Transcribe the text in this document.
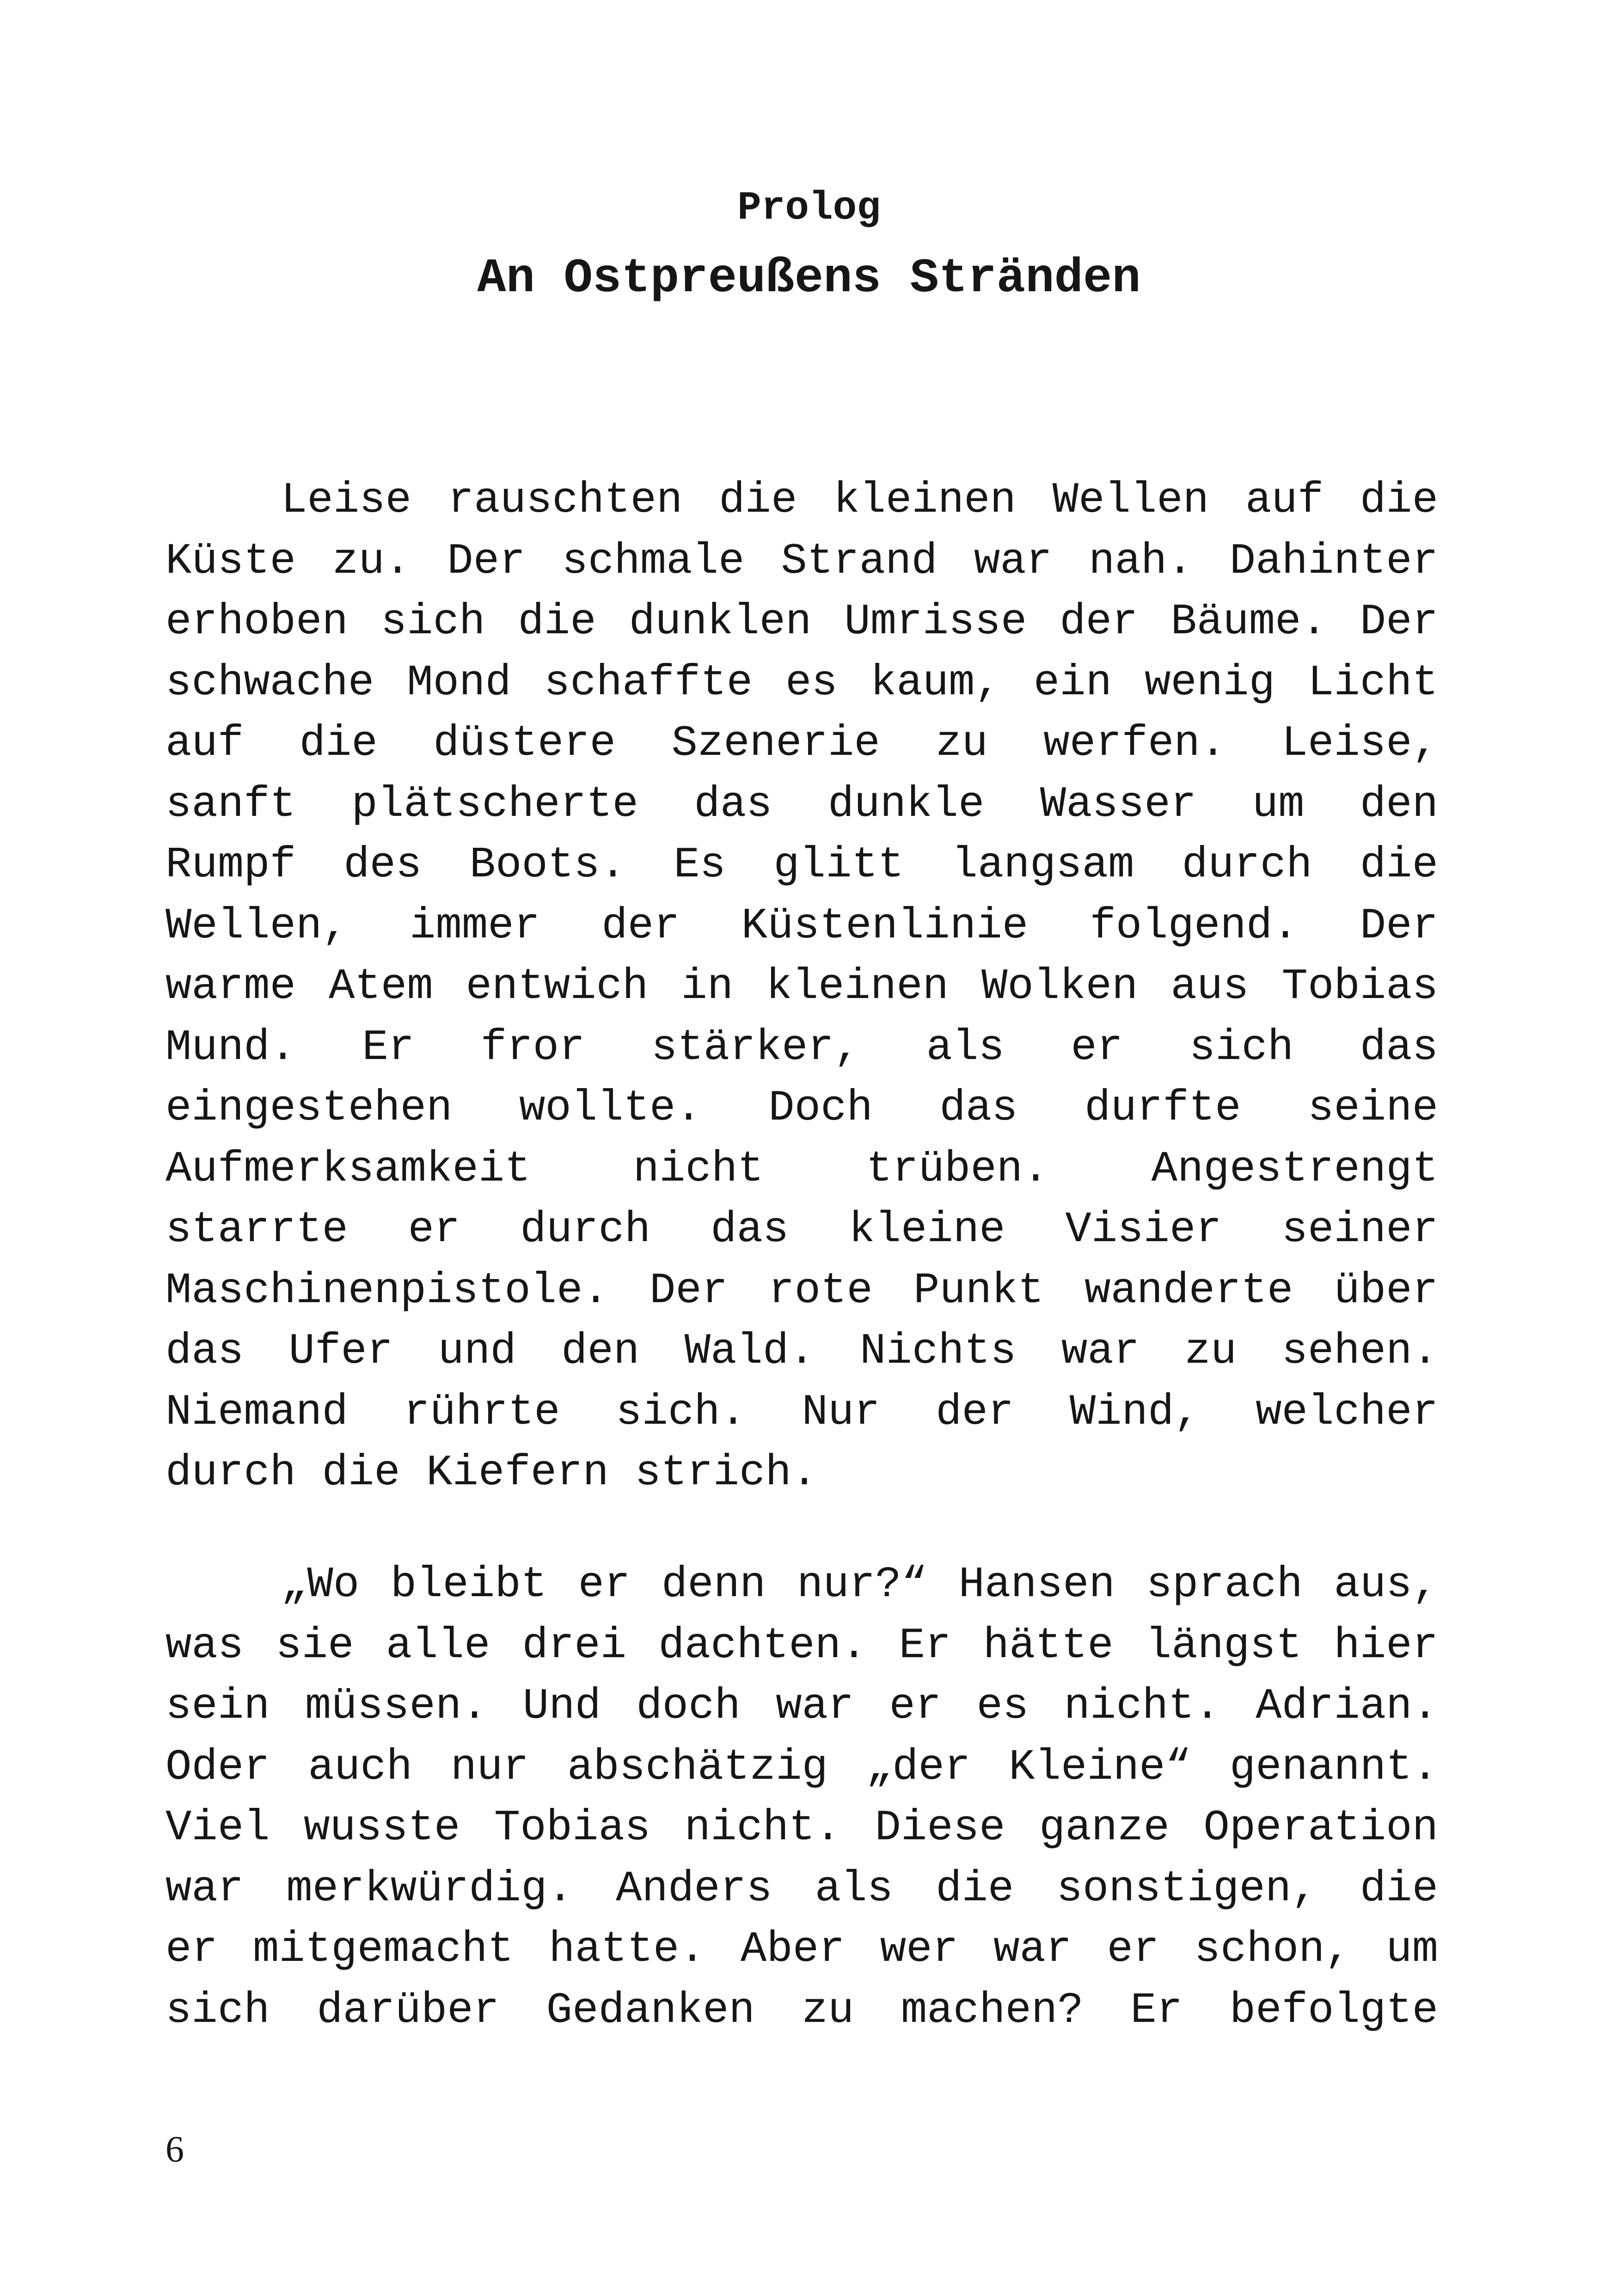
Prolog
An Ostpreußens Stränden
Leise rauschten die kleinen Wellen auf die
Küste zu. Der schmale Strand war nah. Dahinter
erhoben sich die dunklen Umrisse der Bäume. Der
schwache Mond schaffte es kaum, ein wenig Licht
auf die düstere Szenerie zu werfen. Leise,
sanft plätscherte das dunkle Wasser um den
Rumpf des Boots. Es glitt langsam durch die
Wellen, immer der Küstenlinie folgend. Der
warme Atem entwich in kleinen Wolken aus Tobias
Mund. Er fror stärker, als er sich das
eingestehen wollte. Doch das durfte seine
Aufmerksamkeit nicht trüben. Angestrengt
starrte er durch das kleine Visier seiner
Maschinenpistole. Der rote Punkt wanderte über
das Ufer und den Wald. Nichts war zu sehen.
Niemand rührte sich. Nur der Wind, welcher
durch die Kiefern strich.
„Wo bleibt er denn nur?“ Hansen sprach aus,
was sie alle drei dachten. Er hätte längst hier
sein müssen. Und doch war er es nicht. Adrian.
Oder auch nur abschätzig „der Kleine“ genannt.
Viel wusste Tobias nicht. Diese ganze Operation
war merkwürdig. Anders als die sonstigen, die
er mitgemacht hatte. Aber wer war er schon, um
sich darüber Gedanken zu machen? Er befolgte

6
